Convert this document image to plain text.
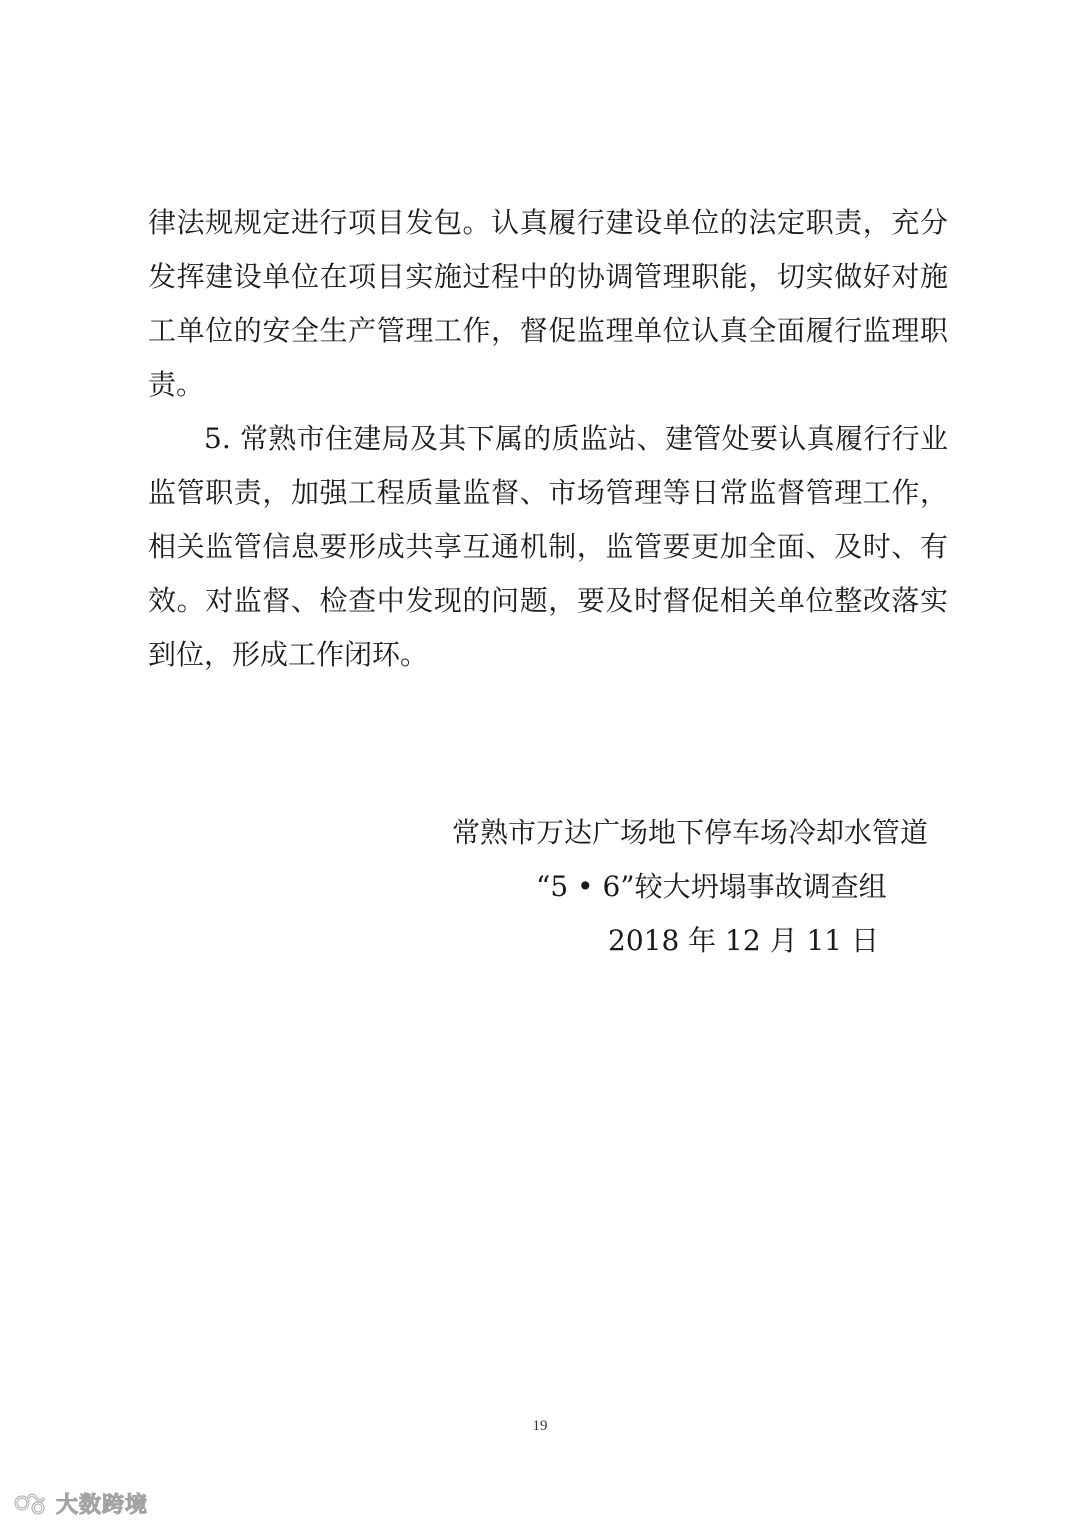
律法规规定进行项目发包。认真履行建设单位的法定职责，充分
发挥建设单位在项目实施过程中的协调管理职能，切实做好对施
工单位的安全生产管理工作，督促监理单位认真全面履行监理职
责。
5. 常熟市住建局及其下属的质监站、建管处要认真履行行业
监管职责，加强工程质量监督、市场管理等日常监督管理工作，
相关监管信息要形成共享互通机制，监管要更加全面、及时、有
效。对监督、检查中发现的问题，要及时督促相关单位整改落实
到位，形成工作闭环。
常熟市万达广场地下停车场冷却水管道
“5 • 6”较大坍塌事故调查组
2018 年 12 月 11 日
19
大数跨境
